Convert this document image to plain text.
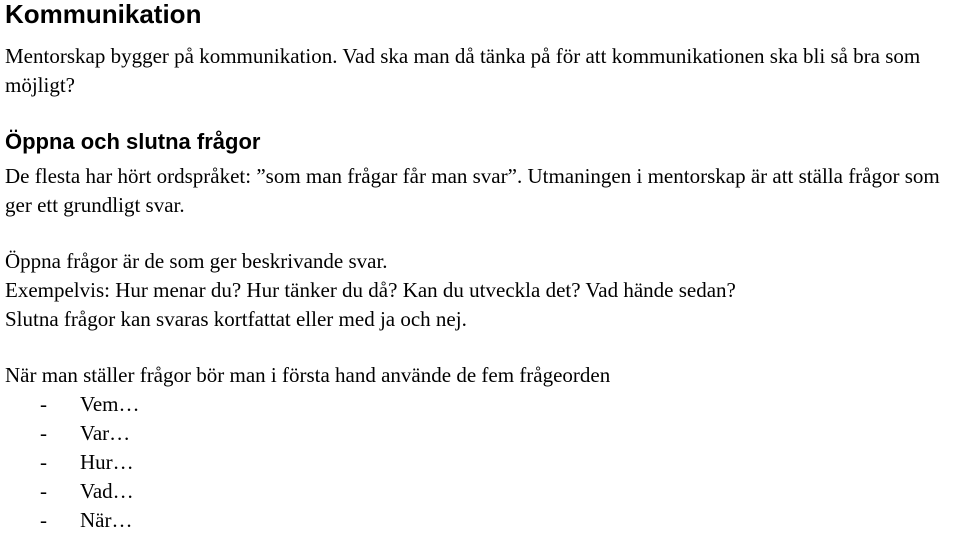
Kommunikation

Mentorskap bygger på kommunikation. Vad ska man då tänka på för att kommunikationen ska bli så bra som möjligt?

Öppna och slutna frågor

De flesta har hört ordspråket: ”som man frågar får man svar”. Utmaningen i mentorskap är att ställa frågor som ger ett grundligt svar.

Öppna frågor är de som ger beskrivande svar.

Exempelvis: Hur menar du? Hur tänker du då? Kan du utveckla det? Vad hände sedan?

Slutna frågor kan svaras kortfattat eller med ja och nej.

När man ställer frågor bör man i första hand använde de fem frågeorden

-	Vem…
-	Var…
-	Hur…
-	Vad…
-	När…
